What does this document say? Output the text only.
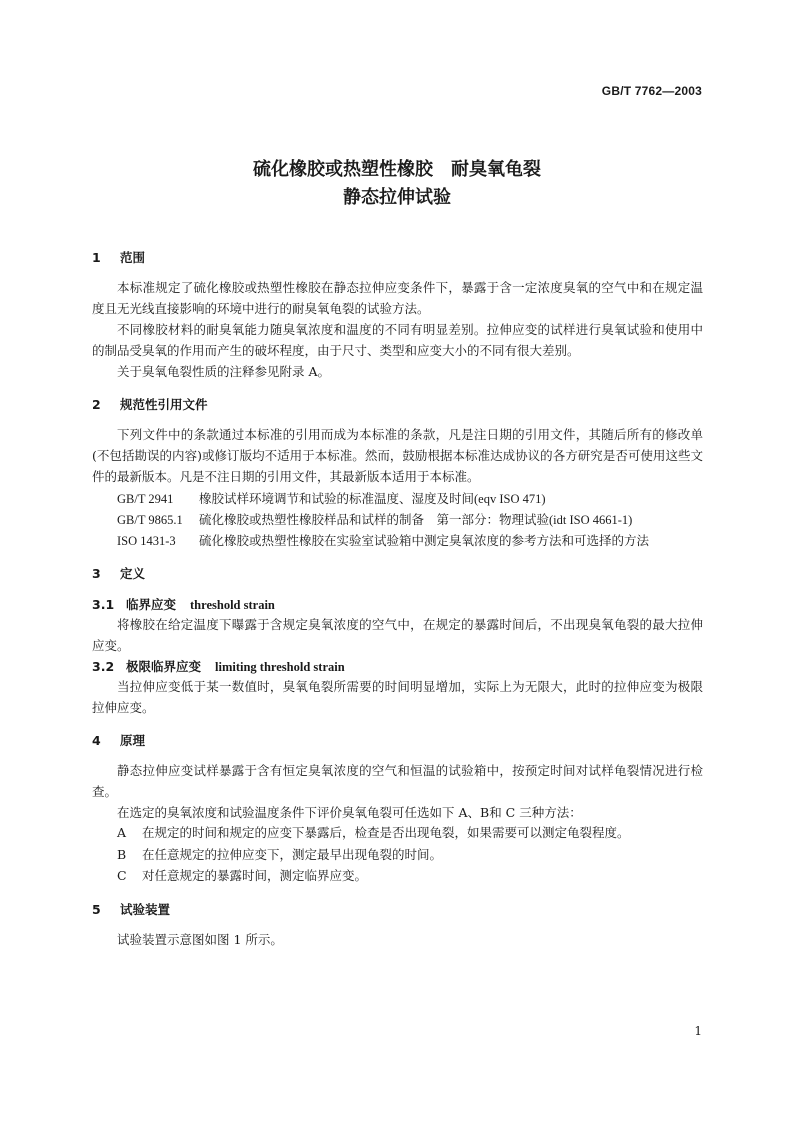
GB/T 7762—2003
硫化橡胶或热塑性橡胶　耐臭氧龟裂
静态拉伸试验
1 范围
本标准规定了硫化橡胶或热塑性橡胶在静态拉伸应变条件下，暴露于含一定浓度臭氧的空气中和在规定温度且无光线直接影响的环境中进行的耐臭氧龟裂的试验方法。
不同橡胶材料的耐臭氧能力随臭氧浓度和温度的不同有明显差别。拉伸应变的试样进行臭氧试验和使用中的制品受臭氧的作用而产生的破坏程度，由于尺寸、类型和应变大小的不同有很大差别。
关于臭氧龟裂性质的注释参见附录 A。
2 规范性引用文件
下列文件中的条款通过本标准的引用而成为本标准的条款，凡是注日期的引用文件，其随后所有的修改单(不包括勘误的内容)或修订版均不适用于本标准。然而，鼓励根据本标准达成协议的各方研究是否可使用这些文件的最新版本。凡是不注日期的引用文件，其最新版本适用于本标准。
GB/T 2941 橡胶试样环境调节和试验的标准温度、湿度及时间(eqv ISO 471)
GB/T 9865.1 硫化橡胶或热塑性橡胶样品和试样的制备　第一部分：物理试验(idt ISO 4661-1)
ISO 1431-3 硫化橡胶或热塑性橡胶在实验室试验箱中测定臭氧浓度的参考方法和可选择的方法
3 定义
3.1 临界应变 threshold strain
将橡胶在给定温度下曝露于含规定臭氧浓度的空气中，在规定的暴露时间后，不出现臭氧龟裂的最大拉伸应变。
3.2 极限临界应变 limiting threshold strain
当拉伸应变低于某一数值时，臭氧龟裂所需要的时间明显增加，实际上为无限大，此时的拉伸应变为极限拉伸应变。
4 原理
静态拉伸应变试样暴露于含有恒定臭氧浓度的空气和恒温的试验箱中，按预定时间对试样龟裂情况进行检查。
在选定的臭氧浓度和试验温度条件下评价臭氧龟裂可任选如下 A、B和 C 三种方法：
A 在规定的时间和规定的应变下暴露后，检查是否出现龟裂，如果需要可以测定龟裂程度。
B 在任意规定的拉伸应变下，测定最早出现龟裂的时间。
C 对任意规定的暴露时间，测定临界应变。
5 试验装置
试验装置示意图如图 1 所示。
1
